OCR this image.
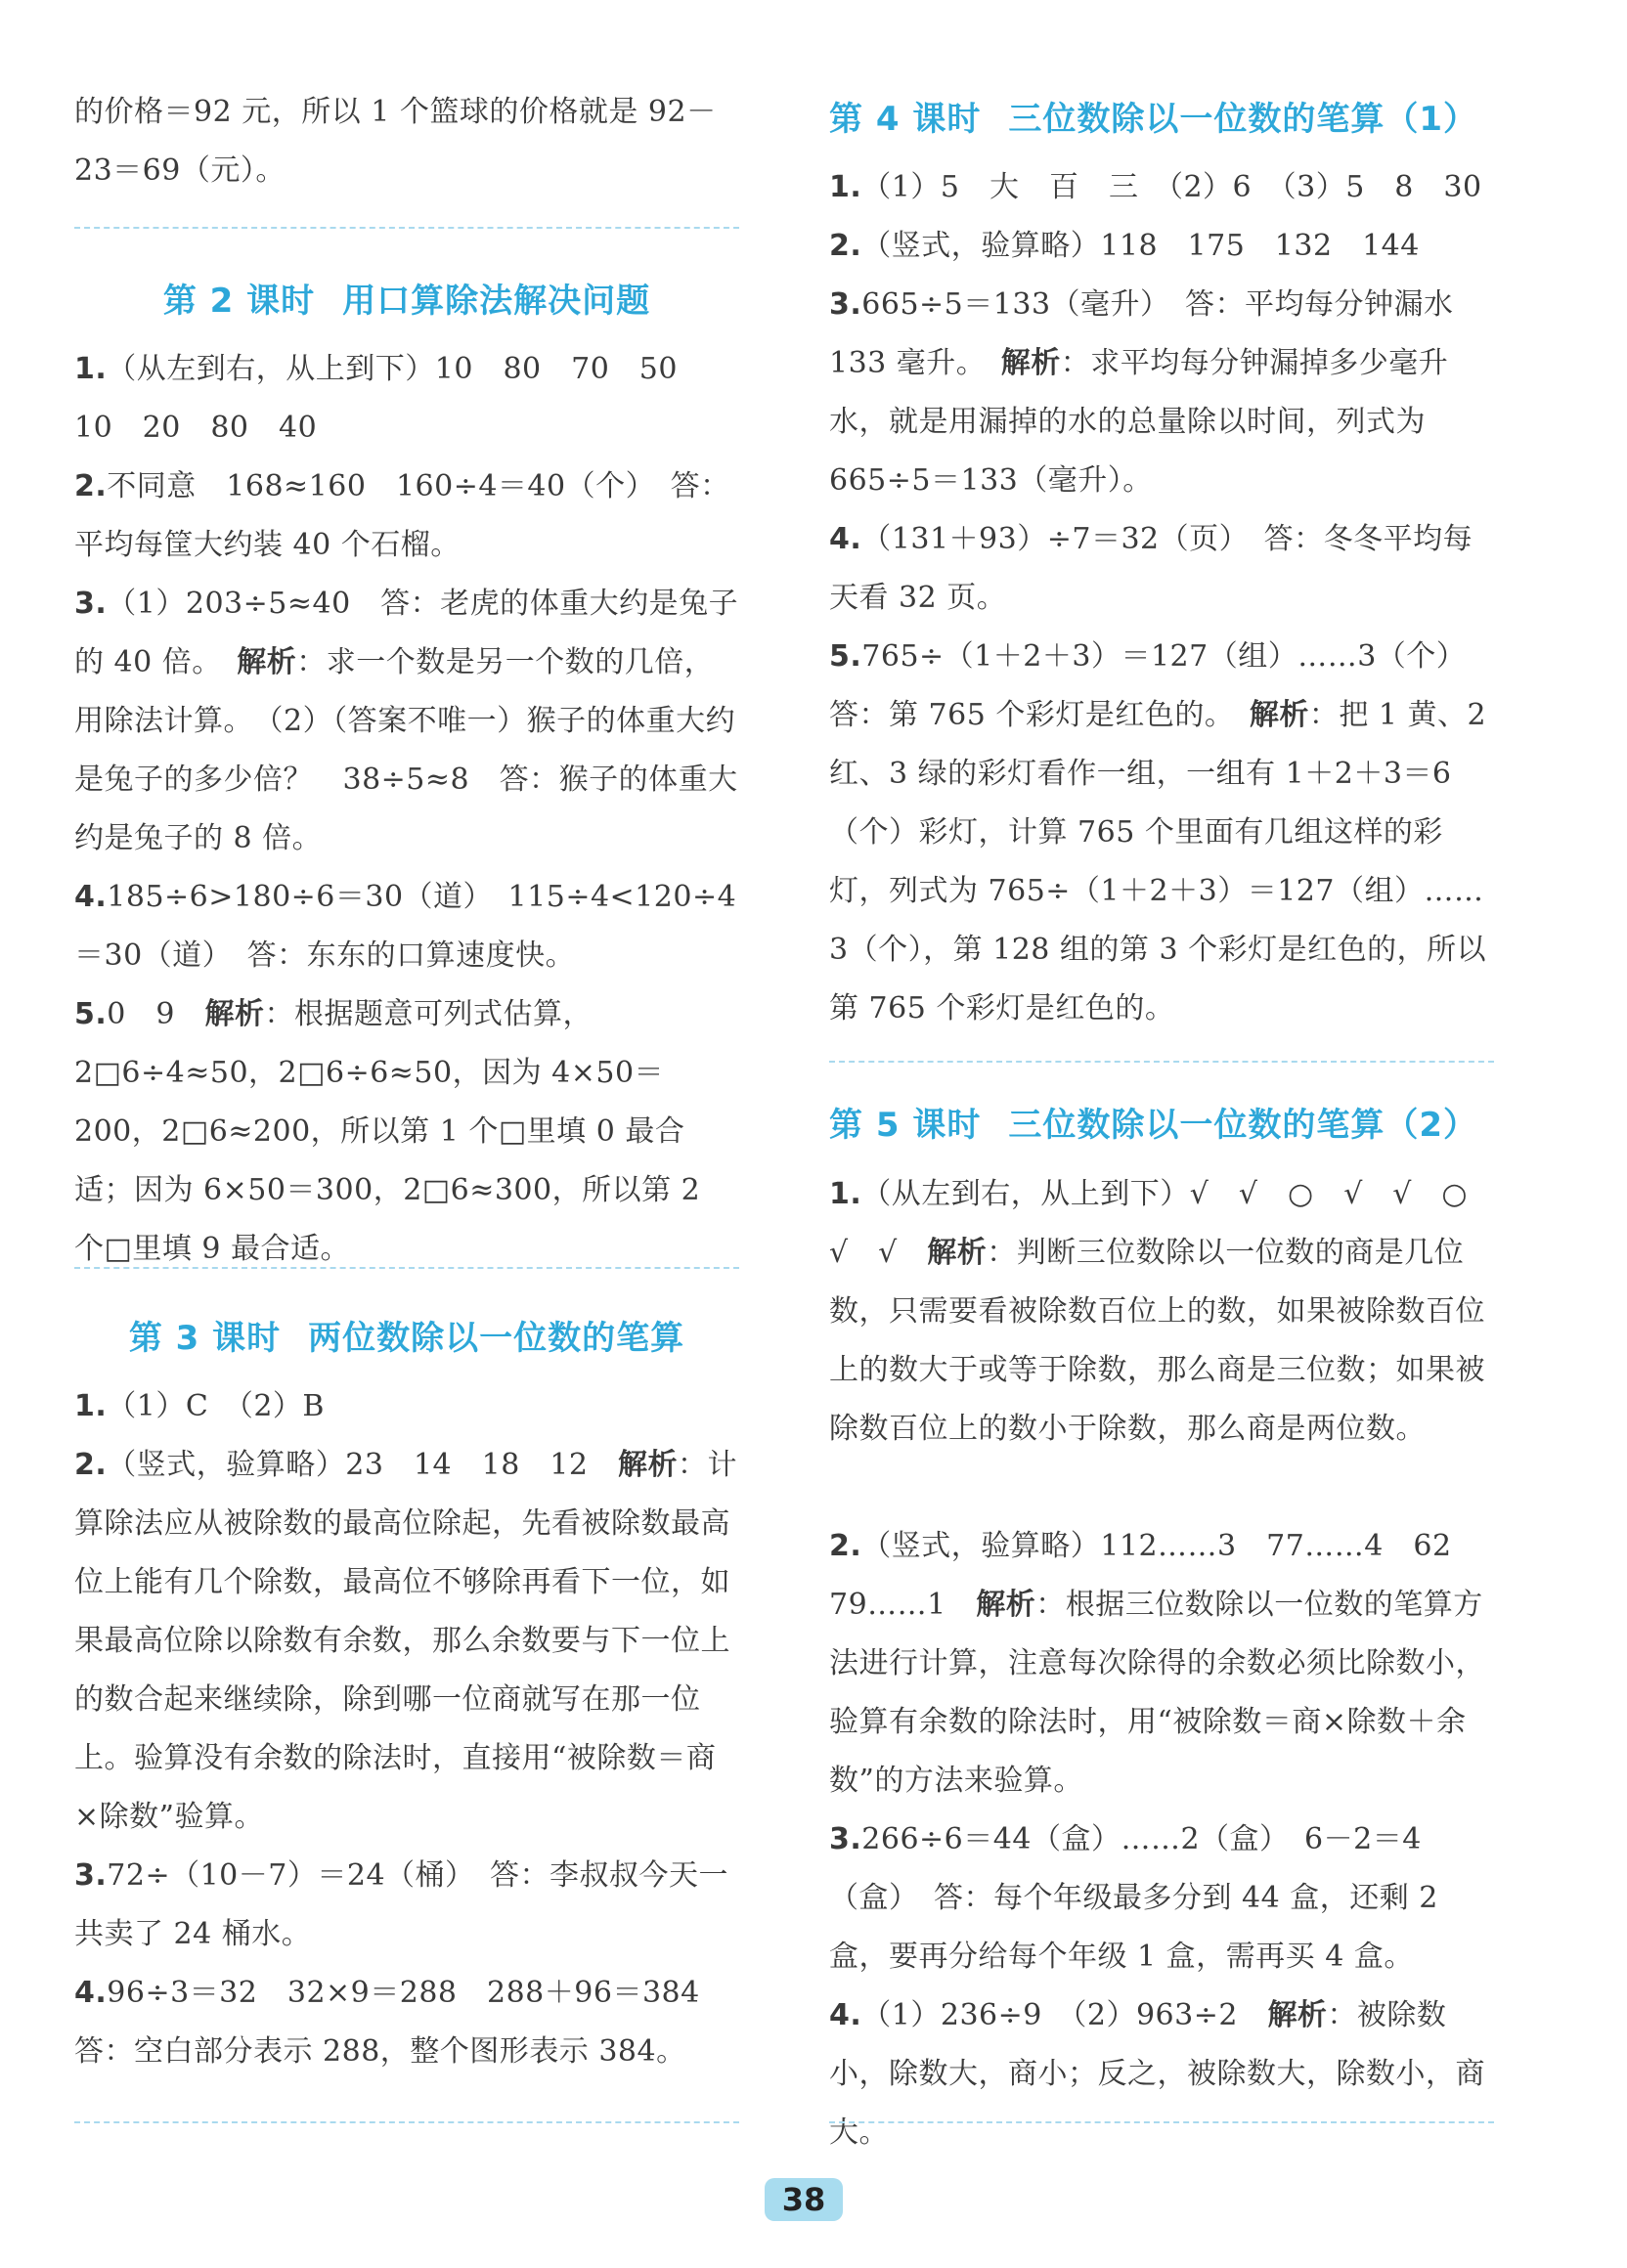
的价格＝92 元，所以 1 个篮球的价格就是 92－23＝69（元）。

第 2 课时 用口算除法解决问题

1.（从左到右，从上到下）10　80　70　50　10　20　80　40

2.不同意　168≈160　160÷4＝40（个）　答：平均每筐大约装 40 个石榴。

3.（1）203÷5≈40　答：老虎的体重大约是兔子的 40 倍。　解析：求一个数是另一个数的几倍，用除法计算。　（2）（答案不唯一）猴子的体重大约是兔子的多少倍？　38÷5≈8　答：猴子的体重大约是兔子的 8 倍。

4.185÷6>180÷6＝30（道）　115÷4<120÷4＝30（道）　答：东东的口算速度快。

5.0　9　解析：根据题意可列式估算，2□6÷4≈50，2□6÷6≈50，因为 4×50＝200，2□6≈200，所以第 1 个□里填 0 最合适；因为 6×50＝300，2□6≈300，所以第 2 个□里填 9 最合适。

第 3 课时 两位数除以一位数的笔算

1.（1）C　（2）B

2.（竖式，验算略）23　14　18　12　解析：计算除法应从被除数的最高位除起，先看被除数最高位上能有几个除数，最高位不够除再看下一位，如果最高位除以除数有余数，那么余数要与下一位上的数合起来继续除，除到哪一位商就写在那一位上。验算没有余数的除法时，直接用“被除数＝商×除数”验算。

3.72÷（10－7）＝24（桶）　答：李叔叔今天一共卖了 24 桶水。

4.96÷3＝32　32×9＝288　288＋96＝384　答：空白部分表示 288，整个图形表示 384。

第 4 课时 三位数除以一位数的笔算（1）

1.（1）5　大　百　三　（2）6　（3）5　8　30

2.（竖式，验算略）118　175　132　144

3.665÷5＝133（毫升）　答：平均每分钟漏水 133 毫升。　解析：求平均每分钟漏掉多少毫升水，就是用漏掉的水的总量除以时间，列式为 665÷5＝133（毫升）。

4.（131＋93）÷7＝32（页）　答：冬冬平均每天看 32 页。

5.765÷（1＋2＋3）＝127（组）……3（个）　答：第 765 个彩灯是红色的。　解析：把 1 黄、2 红、3 绿的彩灯看作一组，一组有 1＋2＋3＝6（个）彩灯，计算 765 个里面有几组这样的彩灯，列式为 765÷（1＋2＋3）＝127（组）……3（个），第 128 组的第 3 个彩灯是红色的，所以第 765 个彩灯是红色的。

第 5 课时 三位数除以一位数的笔算（2）

1.（从左到右，从上到下）√　√　○　√　√　○　√　√　解析：判断三位数除以一位数的商是几位数，只需要看被除数百位上的数，如果被除数百位上的数大于或等于除数，那么商是三位数；如果被除数百位上的数小于除数，那么商是两位数。

2.（竖式，验算略）112……3　77……4　62　79……1　解析：根据三位数除以一位数的笔算方法进行计算，注意每次除得的余数必须比除数小，验算有余数的除法时，用“被除数＝商×除数＋余数”的方法来验算。

3.266÷6＝44（盒）……2（盒）　6－2＝4（盒）　答：每个年级最多分到 44 盒，还剩 2 盒，要再分给每个年级 1 盒，需再买 4 盒。

4.（1）236÷9　（2）963÷2　解析：被除数小，除数大，商小；反之，被除数大，除数小，商大。

38
